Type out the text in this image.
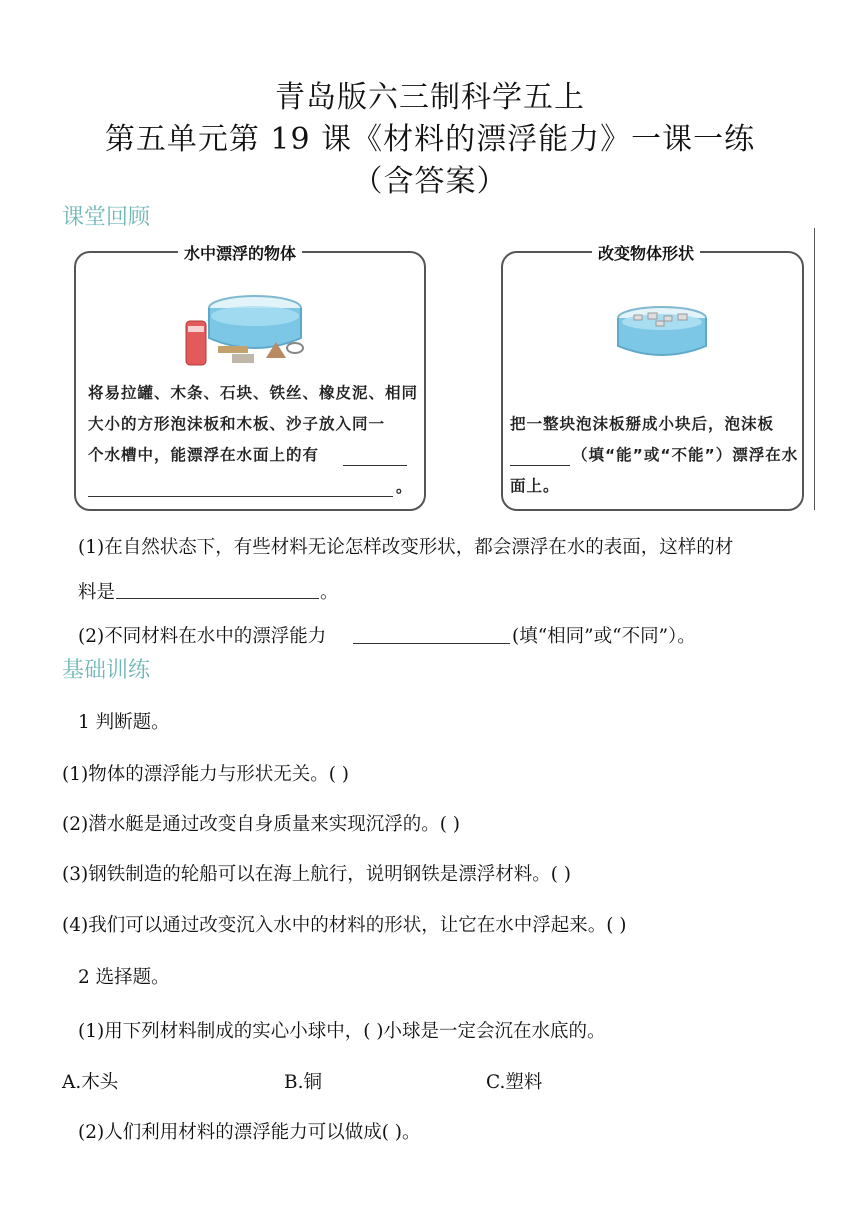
青岛版六三制科学五上
第五单元第 19 课《材料的漂浮能力》一课一练
（含答案）
课堂回顾
水中漂浮的物体
将易拉罐、木条、石块、铁丝、橡皮泥、相同
大小的方形泡沫板和木板、沙子放入同一
个水槽中，能漂浮在水面上的有
。
改变物体形状
把一整块泡沫板掰成小块后，泡沫板
（填“能”或“不能”）漂浮在水
面上。
(1)在自然状态下，有些材料无论怎样改变形状，都会漂浮在水的表面，这样的材
料是	。
(2)不同材料在水中的漂浮能力	(填“相同”或“不同”）。
基础训练
1 判断题。
(1)物体的漂浮能力与形状无关。( )
(2)潜水艇是通过改变自身质量来实现沉浮的。( )
(3)钢铁制造的轮船可以在海上航行，说明钢铁是漂浮材料。( )
(4)我们可以通过改变沉入水中的材料的形状，让它在水中浮起来。( )
2 选择题。
(1)用下列材料制成的实心小球中，( )小球是一定会沉在水底的。
A.木头	B.铜	C.塑料
(2)人们利用材料的漂浮能力可以做成( )。
